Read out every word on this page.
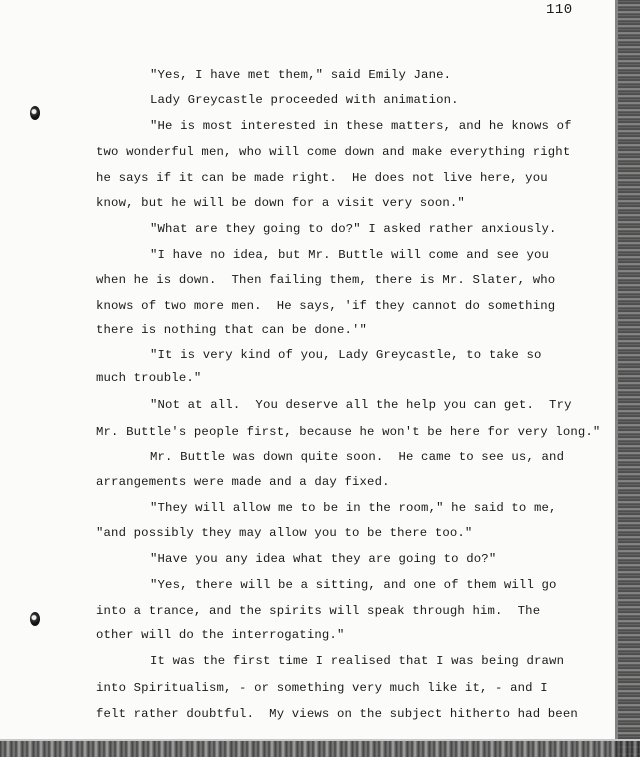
110
"Yes, I have met them," said Emily Jane.
Lady Greycastle proceeded with animation.
"He is most interested in these matters, and he knows of
two wonderful men, who will come down and make everything right
he says if it can be made right.  He does not live here, you
know, but he will be down for a visit very soon."
"What are they going to do?" I asked rather anxiously.
"I have no idea, but Mr. Buttle will come and see you
when he is down.  Then failing them, there is Mr. Slater, who
knows of two more men.  He says, 'if they cannot do something
there is nothing that can be done.'"
"It is very kind of you, Lady Greycastle, to take so
much trouble."
"Not at all.  You deserve all the help you can get.  Try
Mr. Buttle's people first, because he won't be here for very long."
Mr. Buttle was down quite soon.  He came to see us, and
arrangements were made and a day fixed.
"They will allow me to be in the room," he said to me,
"and possibly they may allow you to be there too."
"Have you any idea what they are going to do?"
"Yes, there will be a sitting, and one of them will go
into a trance, and the spirits will speak through him.  The
other will do the interrogating."
It was the first time I realised that I was being drawn
into Spiritualism, - or something very much like it, - and I
felt rather doubtful.  My views on the subject hitherto had been
